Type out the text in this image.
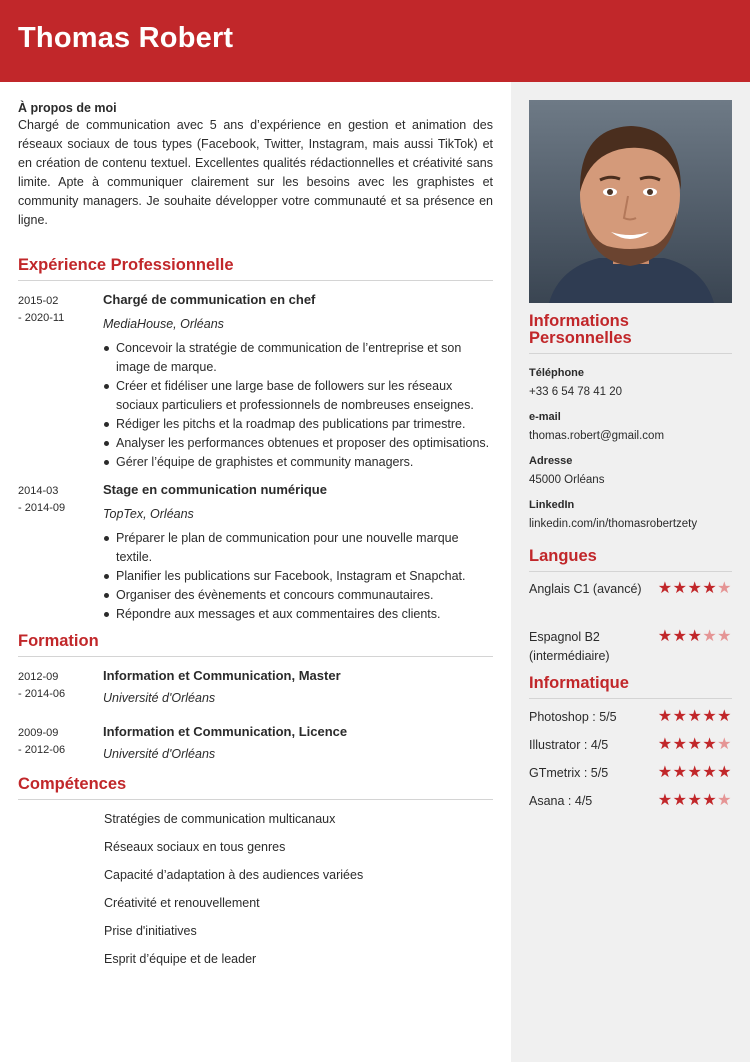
Thomas Robert
À propos de moi

Chargé de communication avec 5 ans d’expérience en gestion et animation des réseaux sociaux de tous types (Facebook, Twitter, Instagram, mais aussi TikTok) et en création de contenu textuel. Excellentes qualités rédactionnelles et créativité sans limite. Apte à communiquer clairement sur les besoins avec les graphistes et community managers. Je souhaite développer votre communauté et sa présence en ligne.

Expérience Professionnelle
2015-02
- 2020-11
Chargé de communication en chef
MediaHouse, Orléans
Concevoir la stratégie de communication de l’entreprise et son image de marque.
Créer et fidéliser une large base de followers sur les réseaux sociaux particuliers et professionnels de nombreuses enseignes.
Rédiger les pitchs et la roadmap des publications par trimestre.
Analyser les performances obtenues et proposer des optimisations.
Gérer l’équipe de graphistes et community managers.
2014-03
- 2014-09
Stage en communication numérique
TopTex, Orléans
Préparer le plan de communication pour une nouvelle marque textile.
Planifier les publications sur Facebook, Instagram et Snapchat.
Organiser des évènements et concours communautaires.
Répondre aux messages et aux commentaires des clients.
Formation
2012-09
- 2014-06
Information et Communication, Master
Université d'Orléans
2009-09
- 2012-06
Information et Communication, Licence
Université d'Orléans
Compétences
Stratégies de communication multicanaux
Réseaux sociaux en tous genres
Capacité d’adaptation à des audiences variées
Créativité et renouvellement
Prise d'initiatives
Esprit d’équipe et de leader
Informations Personnelles
Téléphone
+33 6 54 78 41 20
e-mail
thomas.robert@gmail.com
Adresse
45000 Orléans
LinkedIn
linkedin.com/in/thomasrobertzety
Langues
Anglais C1 (avancé)	★★★★★
Espagnol B2 (intermédiaire)
★★★★★
Informatique
Photoshop : 5/5	★★★★★
Illustrator : 4/5	★★★★★
GTmetrix : 5/5	★★★★★
Asana : 4/5	★★★★★
